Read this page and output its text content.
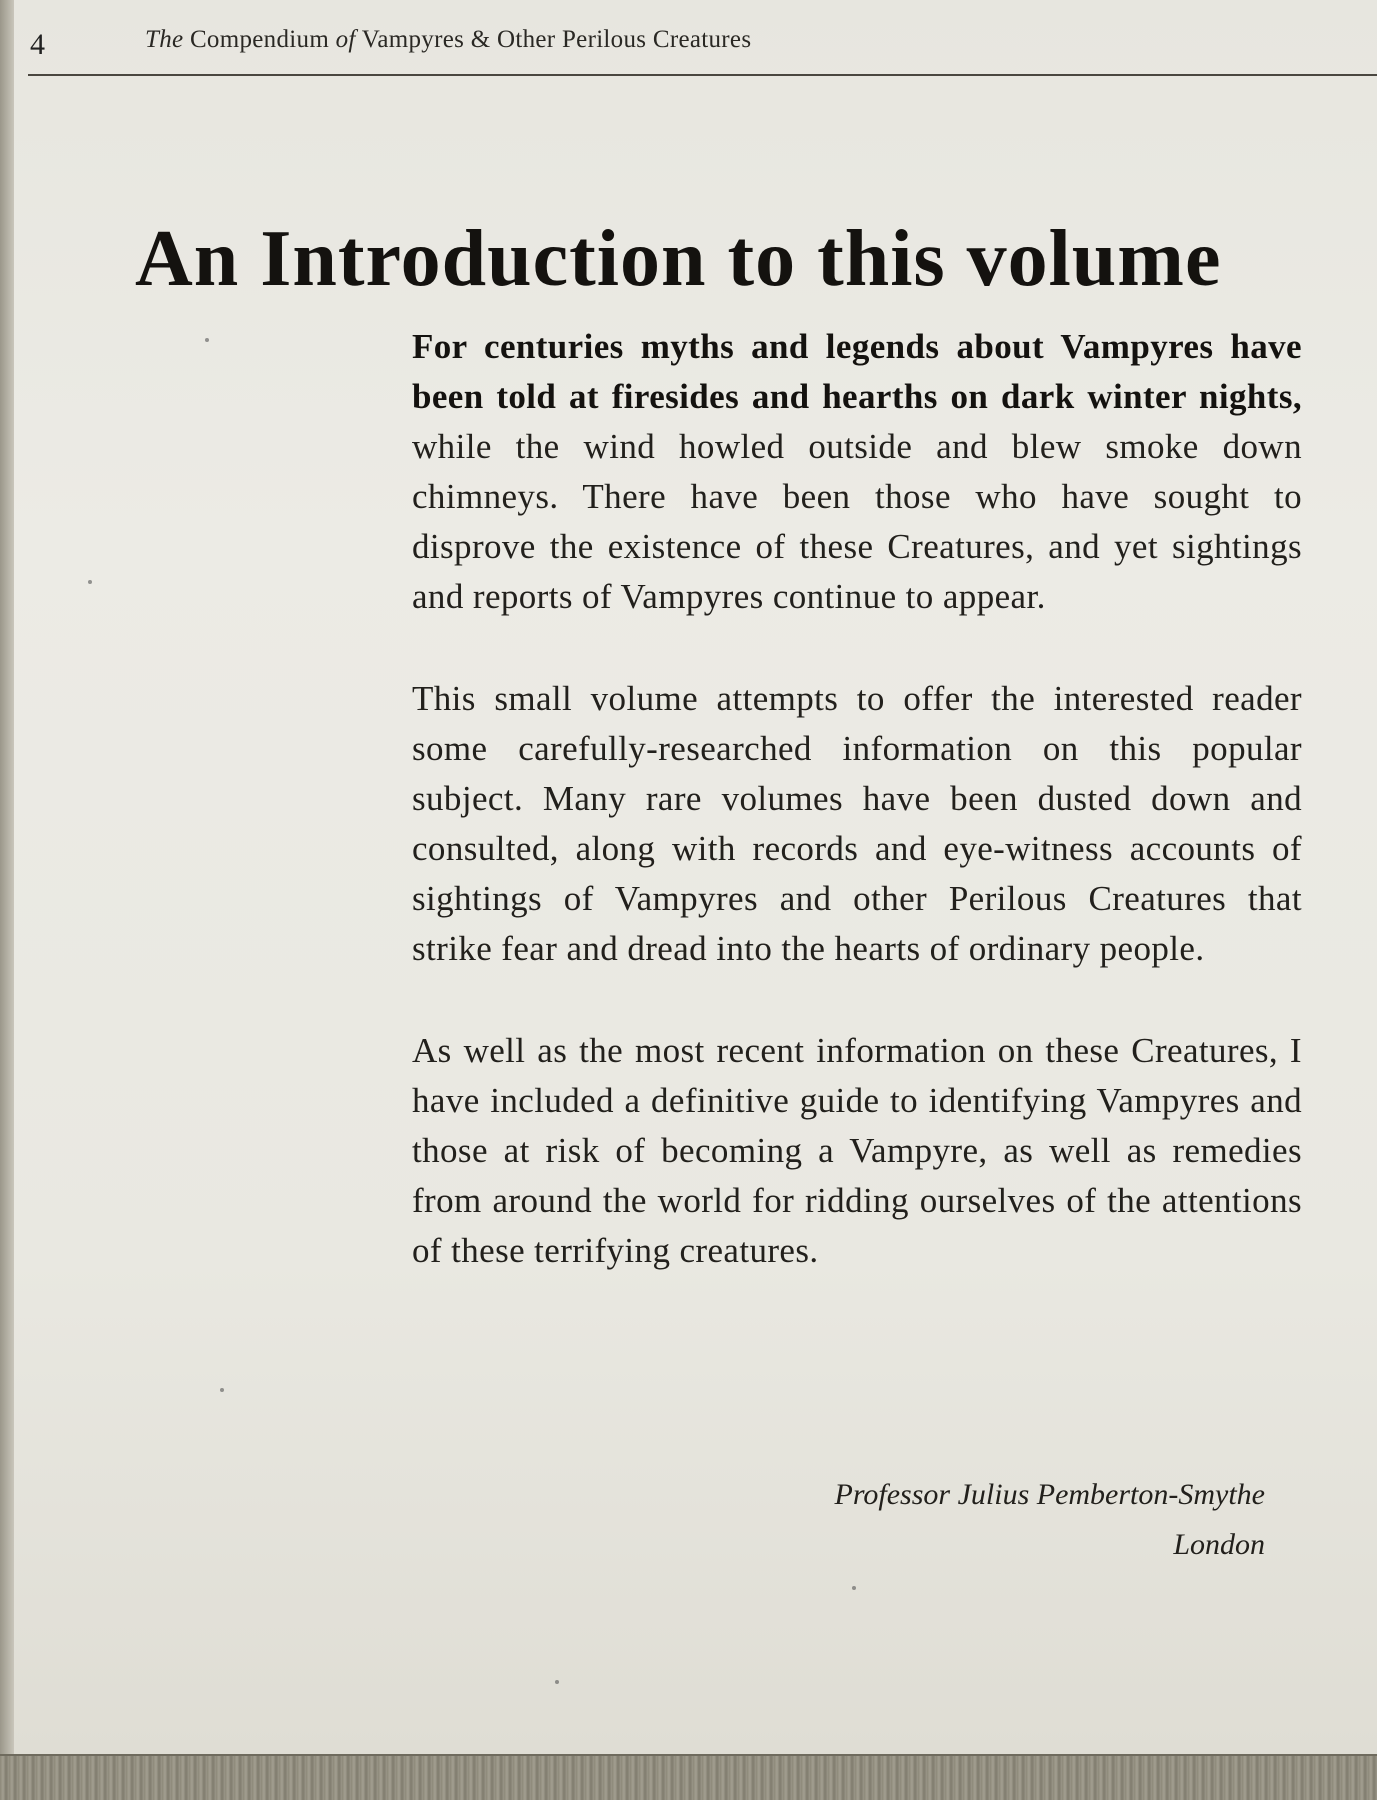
4	The Compendium of Vampyres & Other Perilous Creatures
An Introduction to this volume

For centuries myths and legends about Vampyres have been told at firesides and hearths on dark winter nights, while the wind howled outside and blew smoke down chimneys. There have been those who have sought to disprove the existence of these Creatures, and yet sightings and reports of Vampyres continue to appear.

This small volume attempts to offer the interested reader some carefully-researched information on this popular subject. Many rare volumes have been dusted down and consulted, along with records and eye-witness accounts of sightings of Vampyres and other Perilous Creatures that strike fear and dread into the hearts of ordinary people.

As well as the most recent information on these Creatures, I have included a definitive guide to identifying Vampyres and those at risk of becoming a Vampyre, as well as remedies from around the world for ridding ourselves of the attentions of these terrifying creatures.

Professor Julius Pemberton-Smythe
London
